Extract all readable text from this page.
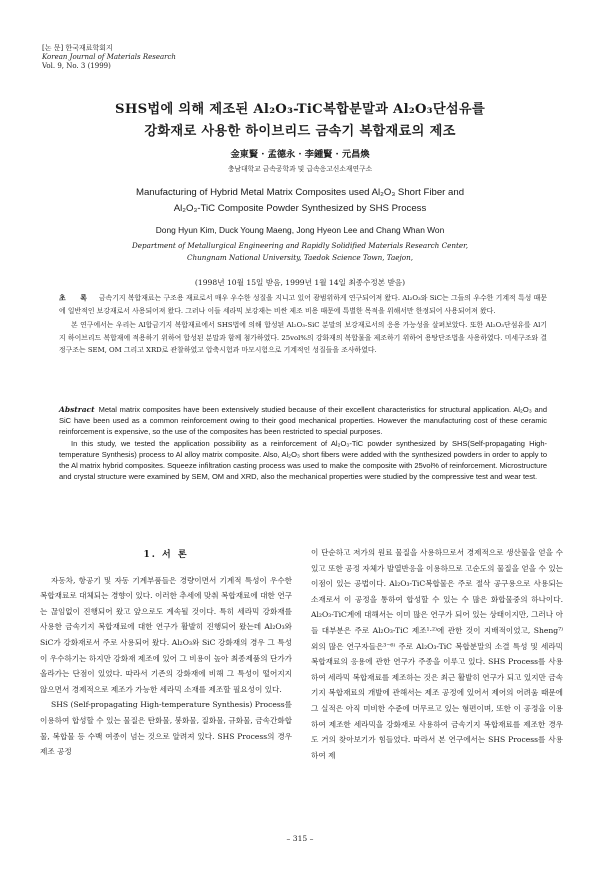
[논 문] 한국재료학회지
Korean Journal of Materials Research
Vol. 9, No. 3 (1999)
SHS법에 의해 제조된 Al₂O₃-TiC복합분말과 Al₂O₃단섬유를
강화재로 사용한 하이브리드 금속기 복합재료의 제조
金東賢 · 孟德永 · 李鍾賢 · 元昌煥
충남대학교 금속공학과 및 급속응고신소재연구소
Manufacturing of Hybrid Metal Matrix Composites used Al₂O₃ Short Fiber and
Al₂O₃-TiC Composite Powder Synthesized by SHS Process
Dong Hyun Kim, Duck Young Maeng, Jong Hyeon Lee and Chang Whan Won
Department of Metallurgical Engineering and Rapidly Solidified Materials Research Center,
Chungnam National University, Taedok Science Town, Taejon,
(1998년 10월 15일 받음, 1999년 1월 14일 최종수정본 받음)

초 록 금속기지 복합재료는 구조용 재료로서 매우 우수한 성질을 지니고 있어 광범위하게 연구되어져 왔다. Al₂O₃와 SiC는 그들의 우수한 기계적 특성 때문에 일반적인 보강재로서 사용되어져 왔다. 그러나 이들 세라믹 보강재는 비싼 제조 비용 때문에 특별한 목적을 위해서만 한정되어 사용되어져 왔다.

본 연구에서는 우리는 Al합금기지 복합재료에서 SHS법에 의해 합성된 Al₂O₃-SiC 분말의 보강재로서의 응용 가능성을 살펴보았다. 또한 Al₂O₃단섬유를 Al기지 하이브리드 복합재에 적용하기 위하여 합성된 분말과 함께 첨가하였다. 25vol%의 강화재의 복합물을 제조하기 위하여 용탕단조법을 사용하였다. 미세구조와 결정구조는 SEM, OM 그리고 XRD로 관찰하였고 압축시험과 마모시험으로 기계적인 성질들을 조사하였다.

Abstract Metal matrix composites have been extensively studied because of their excellent characteristics for structural application. Al₂O₃ and SiC have been used as a common reinforcement owing to their good mechanical properties. However the manufacturing cost of these ceramic reinforcement is expensive, so the use of the composites has been restricted to special purposes.

In this study, we tested the application possibility as a reinforcement of Al₂O₃-TiC powder synthesized by SHS(Self-propagating High-temperature Synthesis) process to Al alloy matrix composite. Also, Al₂O₃ short fibers were added with the synthesized powders in order to apply to the Al matrix hybrid composites. Squeeze infiltration casting process was used to make the composite with 25vol% of reinforcement. Microstructure and crystal structure were examined by SEM, OM and XRD, also the mechanical properties were studied by the compressive test and wear test.

1. 서 론

자동차, 항공기 및 자동 기계부품들은 경량이면서 기계적 특성이 우수한 복합재료로 대체되는 경향이 있다. 이러한 추세에 맞춰 복합재료에 대한 연구는 끊임없이 진행되어 왔고 앞으로도 계속될 것이다. 특히 세라믹 강화재를 사용한 금속기지 복합재료에 대한 연구가 활발히 진행되어 왔는데 Al₂O₃와 SiC가 강화재로서 주로 사용되어 왔다. Al₂O₃와 SiC 강화재의 경우 그 특성이 우수하기는 하지만 강화재 제조에 있어 그 비용이 높아 최종제품의 단가가 올라가는 단점이 있었다. 따라서 기존의 강화재에 비해 그 특성이 떨어지지 않으면서 경제적으로 제조가 가능한 세라믹 소재를 제조할 필요성이 있다.

SHS (Self-propagating High-temperature Synthesis) Process를 이용하여 합성할 수 있는 물질은 탄화물, 붕화물, 질화물, 규화물, 금속간화합물, 복합물 등 수백 여종이 넘는 것으로 알려져 있다. SHS Process의 경우 제조 공정

이 단순하고 저가의 원료 물질을 사용하므로서 경제적으로 생산물을 얻을 수 있고 또한 공정 자체가 발열반응을 이용하므로 고순도의 물질을 얻을 수 있는 이점이 있는 공법이다. Al₂O₃-TiC복합물은 주로 절삭 공구용으로 사용되는 소재로서 이 공정을 통하여 합성할 수 있는 수 많은 화합물중의 하나이다. Al₂O₃-TiC계에 대해서는 이미 많은 연구가 되어 있는 상태이지만, 그러나 아들 대부분은 주로 Al₂O₃-TiC 제조¹·²⁾에 관한 것이 지배적이었고, Sheng⁷⁾ 외의 많은 연구자들은³⁻⁶⁾ 주로 Al₂O₃-TiC 복합분말의 소결 특성 및 세라믹 복합재료의 응용에 관한 연구가 주종을 이루고 있다. SHS Process를 사용하여 세라믹 복합재료를 제조하는 것은 최근 활발히 연구가 되고 있지만 금속기지 복합재료의 개발에 관해서는 제조 공정에 있어서 제어의 어려움 때문에 그 실적은 아직 미비한 수준에 머무르고 있는 형편이며, 또한 이 공정을 이용하여 제조한 세라믹을 강화재로 사용하여 금속기지 복합재료를 제조한 경우도 거의 찾아보기가 힘들었다. 따라서 본 연구에서는 SHS Process를 사용하여 제

– 315 –
